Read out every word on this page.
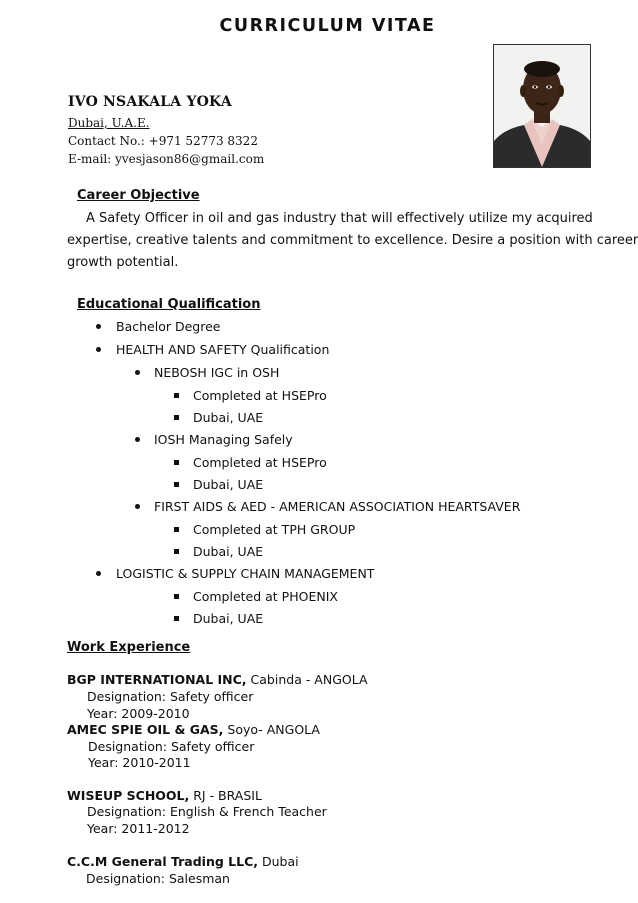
CURRICULUM VITAE
IVO NSAKALA YOKA
Dubai, U.A.E.
Contact No.: +971 52773 8322
E-mail: yvesjason86@gmail.com
Career Objective
A Safety Officer in oil and gas industry that will effectively utilize my acquired
expertise, creative talents and commitment to excellence. Desire a position with career
growth potential.
Educational Qualification
Bachelor Degree
HEALTH AND SAFETY Qualification
NEBOSH IGC in OSH
Completed at HSEPro
Dubai, UAE
IOSH Managing Safely
Completed at HSEPro
Dubai, UAE
FIRST AIDS & AED - AMERICAN ASSOCIATION HEARTSAVER
Completed at TPH GROUP
Dubai, UAE
LOGISTIC & SUPPLY CHAIN MANAGEMENT
Completed at PHOENIX
Dubai, UAE
Work Experience
BGP INTERNATIONAL INC, Cabinda - ANGOLA
Designation: Safety officer
Year: 2009-2010
AMEC SPIE OIL & GAS, Soyo- ANGOLA
Designation: Safety officer
Year: 2010-2011
WISEUP SCHOOL, RJ - BRASIL
Designation: English & French Teacher
Year: 2011-2012
C.C.M General Trading LLC, Dubai
Designation: Salesman
